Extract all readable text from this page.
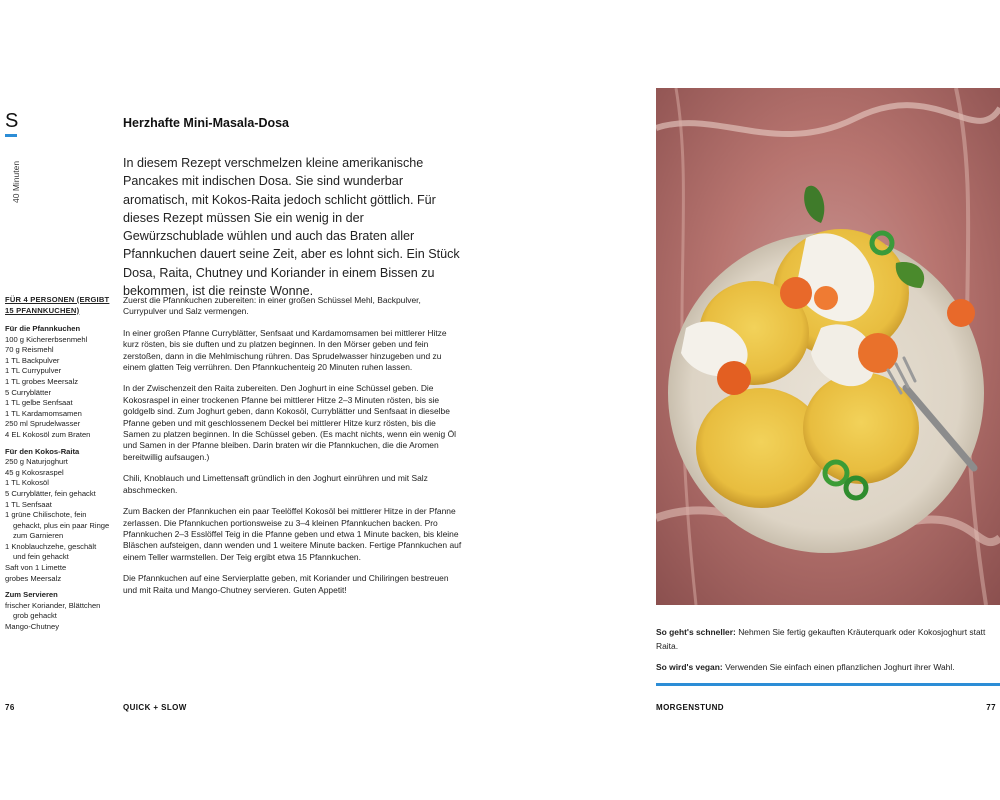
S
40 Minuten
Herzhafte Mini-Masala-Dosa

In diesem Rezept verschmelzen kleine amerikanische Pancakes mit indischen Dosa. Sie sind wunderbar aromatisch, mit Kokos-Raita jedoch schlicht göttlich. Für dieses Rezept müssen Sie ein wenig in der Gewürzschublade wühlen und auch das Braten aller Pfannkuchen dauert seine Zeit, aber es lohnt sich. Ein Stück Dosa, Raita, Chutney und Koriander in einem Bissen zu bekommen, ist die reinste Wonne.

FÜR 4 PERSONEN (ERGIBT 15 PFANNKUCHEN)
Für die Pfannkuchen
100 g Kichererbsenmehl
70 g Reismehl
1 TL Backpulver
1 TL Currypulver
1 TL grobes Meersalz
5 Curryblätter
1 TL gelbe Senfsaat
1 TL Kardamomsamen
250 ml Sprudelwasser
4 EL Kokosöl zum Braten
Für den Kokos-Raita
250 g Naturjoghurt
45 g Kokosraspel
1 TL Kokosöl
5 Curryblätter, fein gehackt
1 TL Senfsaat
1 grüne Chilischote, fein
gehackt, plus ein paar Ringe
zum Garnieren
1 Knoblauchzehe, geschält
und fein gehackt
Saft von 1 Limette
grobes Meersalz
Zum Servieren
frischer Koriander, Blättchen
grob gehackt
Mango-Chutney

Zuerst die Pfannkuchen zubereiten: in einer großen Schüssel Mehl, Backpulver, Currypulver und Salz vermengen.

In einer großen Pfanne Curryblätter, Senfsaat und Kardamomsamen bei mittlerer Hitze kurz rösten, bis sie duften und zu platzen beginnen. In den Mörser geben und fein zerstoßen, dann in die Mehlmischung rühren. Das Sprudelwasser hinzugeben und zu einem glatten Teig verrühren. Den Pfannkuchenteig 20 Minuten ruhen lassen.

In der Zwischenzeit den Raita zubereiten. Den Joghurt in eine Schüssel geben. Die Kokosraspel in einer trockenen Pfanne bei mittlerer Hitze 2–3 Minuten rösten, bis sie goldgelb sind. Zum Joghurt geben, dann Kokosöl, Curryblätter und Senfsaat in dieselbe Pfanne geben und mit geschlossenem Deckel bei mittlerer Hitze kurz rösten, bis die Samen zu platzen beginnen. In die Schüssel geben. (Es macht nichts, wenn ein wenig Öl und Samen in der Pfanne bleiben. Darin braten wir die Pfannkuchen, die die Aromen bereitwillig aufsaugen.)

Chili, Knoblauch und Limettensaft gründlich in den Joghurt einrühren und mit Salz abschmecken.

Zum Backen der Pfannkuchen ein paar Teelöffel Kokosöl bei mittlerer Hitze in der Pfanne zerlassen. Die Pfannkuchen portionsweise zu 3–4 kleinen Pfannkuchen backen. Pro Pfannkuchen 2–3 Esslöffel Teig in die Pfanne geben und etwa 1 Minute backen, bis kleine Bläschen aufsteigen, dann wenden und 1 weitere Minute backen. Fertige Pfannkuchen auf einem Teller warmstellen. Der Teig ergibt etwa 15 Pfannkuchen.

Die Pfannkuchen auf eine Servierplatte geben, mit Koriander und Chiliringen bestreuen und mit Raita und Mango-Chutney servieren. Guten Appetit!

76	QUICK + SLOW

So geht's schneller: Nehmen Sie fertig gekauften Kräuterquark oder Kokosjoghurt statt Raita.

So wird's vegan: Verwenden Sie einfach einen pflanzlichen Joghurt ihrer Wahl.

MORGENSTUND	77
